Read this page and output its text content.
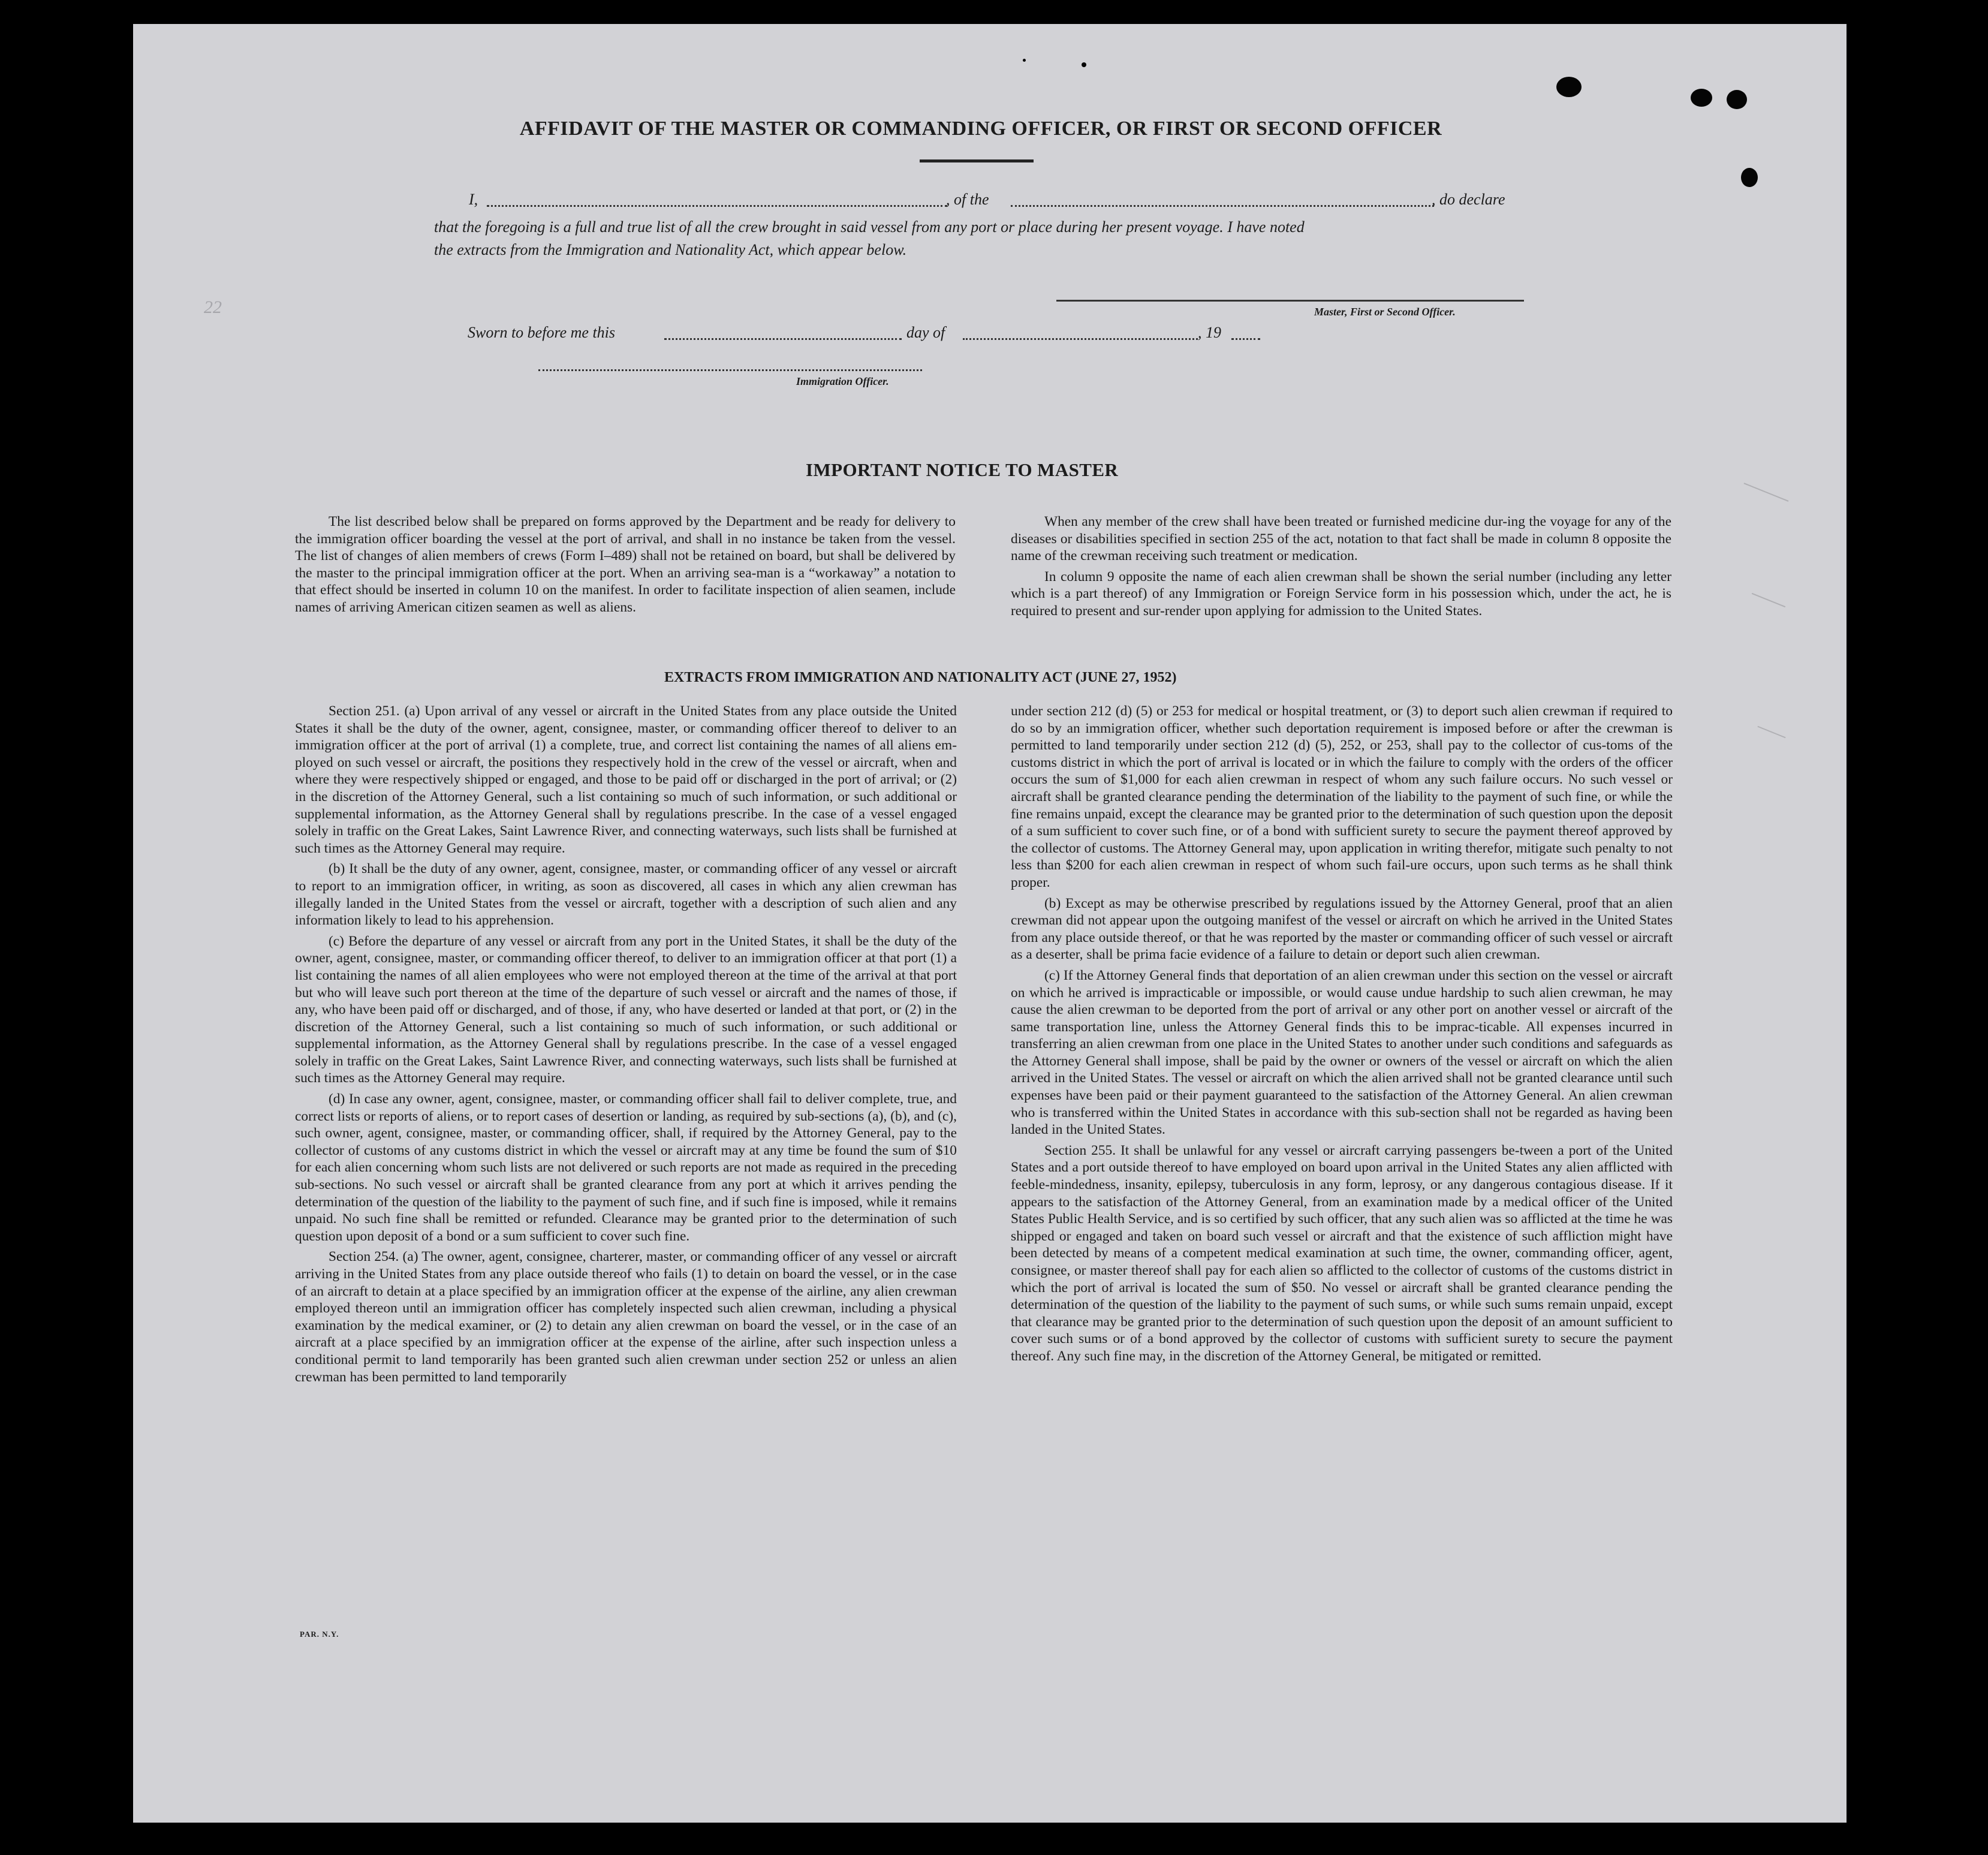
22
AFFIDAVIT OF THE MASTER OR COMMANDING OFFICER, OR FIRST OR SECOND OFFICER
I,	, of the	, do declare
that the foregoing is a full and true list of all the crew brought in said vessel from any port or place during her present voyage. I have noted
the extracts from the Immigration and Nationality Act, which appear below.
Master, First or Second Officer.
Sworn to before me this	day of	, 19
Immigration Officer.
IMPORTANT NOTICE TO MASTER

The list described below shall be prepared on forms approved by the Department and be ready for delivery to the immigration officer boarding the vessel at the port of arrival, and shall in no instance be taken from the vessel. The list of changes of alien members of crews (Form I–489) shall not be retained on board, but shall be delivered by the master to the principal immigration officer at the port. When an arriving sea-man is a “workaway” a notation to that effect should be inserted in column 10 on the manifest. In order to facilitate inspection of alien seamen, include names of arriving American citizen seamen as well as aliens.

When any member of the crew shall have been treated or furnished medicine dur-ing the voyage for any of the diseases or disabilities specified in section 255 of the act, notation to that fact shall be made in column 8 opposite the name of the crewman receiving such treatment or medication.

In column 9 opposite the name of each alien crewman shall be shown the serial number (including any letter which is a part thereof) of any Immigration or Foreign Service form in his possession which, under the act, he is required to present and sur-render upon applying for admission to the United States.

EXTRACTS FROM IMMIGRATION AND NATIONALITY ACT (JUNE 27, 1952)

Section 251. (a) Upon arrival of any vessel or aircraft in the United States from any place outside the United States it shall be the duty of the owner, agent, consignee, master, or commanding officer thereof to deliver to an immigration officer at the port of arrival (1) a complete, true, and correct list containing the names of all aliens em-ployed on such vessel or aircraft, the positions they respectively hold in the crew of the vessel or aircraft, when and where they were respectively shipped or engaged, and those to be paid off or discharged in the port of arrival; or (2) in the discretion of the Attorney General, such a list containing so much of such information, or such additional or supplemental information, as the Attorney General shall by regulations prescribe. In the case of a vessel engaged solely in traffic on the Great Lakes, Saint Lawrence River, and connecting waterways, such lists shall be furnished at such times as the Attorney General may require.

(b) It shall be the duty of any owner, agent, consignee, master, or commanding officer of any vessel or aircraft to report to an immigration officer, in writing, as soon as discovered, all cases in which any alien crewman has illegally landed in the United States from the vessel or aircraft, together with a description of such alien and any information likely to lead to his apprehension.

(c) Before the departure of any vessel or aircraft from any port in the United States, it shall be the duty of the owner, agent, consignee, master, or commanding officer thereof, to deliver to an immigration officer at that port (1) a list containing the names of all alien employees who were not employed thereon at the time of the arrival at that port but who will leave such port thereon at the time of the departure of such vessel or aircraft and the names of those, if any, who have been paid off or discharged, and of those, if any, who have deserted or landed at that port, or (2) in the discretion of the Attorney General, such a list containing so much of such information, or such additional or supplemental information, as the Attorney General shall by regulations prescribe. In the case of a vessel engaged solely in traffic on the Great Lakes, Saint Lawrence River, and connecting waterways, such lists shall be furnished at such times as the Attorney General may require.

(d) In case any owner, agent, consignee, master, or commanding officer shall fail to deliver complete, true, and correct lists or reports of aliens, or to report cases of desertion or landing, as required by sub-sections (a), (b), and (c), such owner, agent, consignee, master, or commanding officer, shall, if required by the Attorney General, pay to the collector of customs of any customs district in which the vessel or aircraft may at any time be found the sum of $10 for each alien concerning whom such lists are not delivered or such reports are not made as required in the preceding sub-sections. No such vessel or aircraft shall be granted clearance from any port at which it arrives pending the determination of the question of the liability to the payment of such fine, and if such fine is imposed, while it remains unpaid. No such fine shall be remitted or refunded. Clearance may be granted prior to the determination of such question upon deposit of a bond or a sum sufficient to cover such fine.

Section 254. (a) The owner, agent, consignee, charterer, master, or commanding officer of any vessel or aircraft arriving in the United States from any place outside thereof who fails (1) to detain on board the vessel, or in the case of an aircraft to detain at a place specified by an immigration officer at the expense of the airline, any alien crewman employed thereon until an immigration officer has completely inspected such alien crewman, including a physical examination by the medical examiner, or (2) to detain any alien crewman on board the vessel, or in the case of an aircraft at a place specified by an immigration officer at the expense of the airline, after such inspection unless a conditional permit to land temporarily has been granted such alien crewman under section 252 or unless an alien crewman has been permitted to land temporarily

under section 212 (d) (5) or 253 for medical or hospital treatment, or (3) to deport such alien crewman if required to do so by an immigration officer, whether such deportation requirement is imposed before or after the crewman is permitted to land temporarily under section 212 (d) (5), 252, or 253, shall pay to the collector of cus-toms of the customs district in which the port of arrival is located or in which the failure to comply with the orders of the officer occurs the sum of $1,000 for each alien crewman in respect of whom any such failure occurs. No such vessel or aircraft shall be granted clearance pending the determination of the liability to the payment of such fine, or while the fine remains unpaid, except the clearance may be granted prior to the determination of such question upon the deposit of a sum sufficient to cover such fine, or of a bond with sufficient surety to secure the payment thereof approved by the collector of customs. The Attorney General may, upon application in writing therefor, mitigate such penalty to not less than $200 for each alien crewman in respect of whom such fail-ure occurs, upon such terms as he shall think proper.

(b) Except as may be otherwise prescribed by regulations issued by the Attorney General, proof that an alien crewman did not appear upon the outgoing manifest of the vessel or aircraft on which he arrived in the United States from any place outside thereof, or that he was reported by the master or commanding officer of such vessel or aircraft as a deserter, shall be prima facie evidence of a failure to detain or deport such alien crewman.

(c) If the Attorney General finds that deportation of an alien crewman under this section on the vessel or aircraft on which he arrived is impracticable or impossible, or would cause undue hardship to such alien crewman, he may cause the alien crewman to be deported from the port of arrival or any other port on another vessel or aircraft of the same transportation line, unless the Attorney General finds this to be imprac-ticable. All expenses incurred in transferring an alien crewman from one place in the United States to another under such conditions and safeguards as the Attorney General shall impose, shall be paid by the owner or owners of the vessel or aircraft on which the alien arrived in the United States. The vessel or aircraft on which the alien arrived shall not be granted clearance until such expenses have been paid or their payment guaranteed to the satisfaction of the Attorney General. An alien crewman who is transferred within the United States in accordance with this sub-section shall not be regarded as having been landed in the United States.

Section 255. It shall be unlawful for any vessel or aircraft carrying passengers be-tween a port of the United States and a port outside thereof to have employed on board upon arrival in the United States any alien afflicted with feeble-mindedness, insanity, epilepsy, tuberculosis in any form, leprosy, or any dangerous contagious disease. If it appears to the satisfaction of the Attorney General, from an examination made by a medical officer of the United States Public Health Service, and is so certified by such officer, that any such alien was so afflicted at the time he was shipped or engaged and taken on board such vessel or aircraft and that the existence of such affliction might have been detected by means of a competent medical examination at such time, the owner, commanding officer, agent, consignee, or master thereof shall pay for each alien so afflicted to the collector of customs of the customs district in which the port of arrival is located the sum of $50. No vessel or aircraft shall be granted clearance pending the determination of the question of the liability to the payment of such sums, or while such sums remain unpaid, except that clearance may be granted prior to the determination of such question upon the deposit of an amount sufficient to cover such sums or of a bond approved by the collector of customs with sufficient surety to secure the payment thereof. Any such fine may, in the discretion of the Attorney General, be mitigated or remitted.

PAR. N.Y.
